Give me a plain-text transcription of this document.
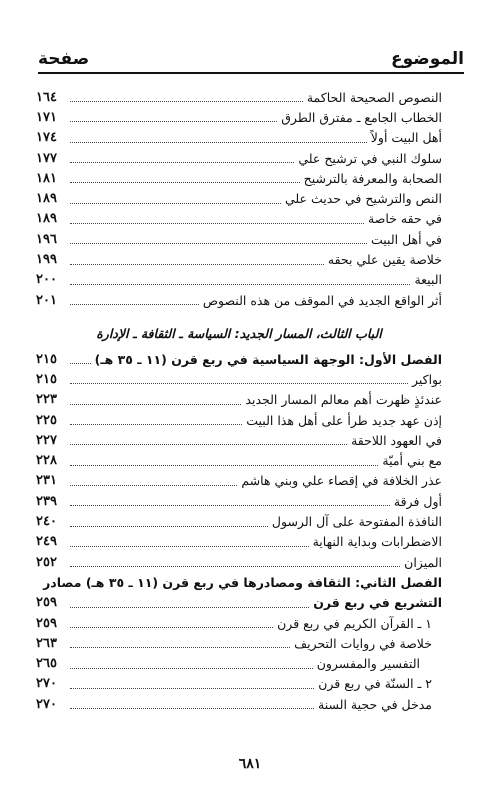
الموضوع
صفحة
النصوص الصحيحة الحاكمة
١٦٤
الخطاب الجامع ـ مفترق الطرق
١٧١
أهل البيت أولاً
١٧٤
سلوك النبي في ترشيح علي
١٧٧
الصحابة والمعرفة بالترشيح
١٨١
النص والترشيح في حديث علي
١٨٩
في حقه خاصة
١٨٩
في أهل البيت
١٩٦
خلاصة يقين علي بحقه
١٩٩
البيعة
٢٠٠
أثر الواقع الجديد في الموقف من هذه النصوص
٢٠١
الباب الثالث، المسار الجديد: السياسة ـ الثقافة ـ الإدارة
الفصل الأول: الوجهة السياسية في ربع قرن (١١ ـ ٣٥ هـ)
٢١٥
بواكير
٢١٥
عندئذٍ ظهرت أهم معالم المسار الجديد
٢٢٣
إذن عهد جديد طرأ على أهل هذا البيت
٢٢٥
في العهود اللاحقة
٢٢٧
مع بني أميّة
٢٢٨
عذر الخلافة في إقصاء علي وبني هاشم
٢٣١
أول فرقة
٢٣٩
النافذة المفتوحة على آل الرسول
٢٤٠
الاضطرابات وبداية النهاية
٢٤٩
الميزان
٢٥٢
الفصل الثاني: الثقافة ومصادرها في ربع قرن (١١ ـ ٣٥ هـ) مصادر
التشريع في ربع قرن
٢٥٩
١ ـ القرآن الكريم في ربع قرن
٢٥٩
خلاصة في روايات التحريف
٢٦٣
التفسير والمفسرون
٢٦٥
٢ ـ السنّة في ربع قرن
٢٧٠
مدخل في حجية السنة
٢٧٠
٦٨١
